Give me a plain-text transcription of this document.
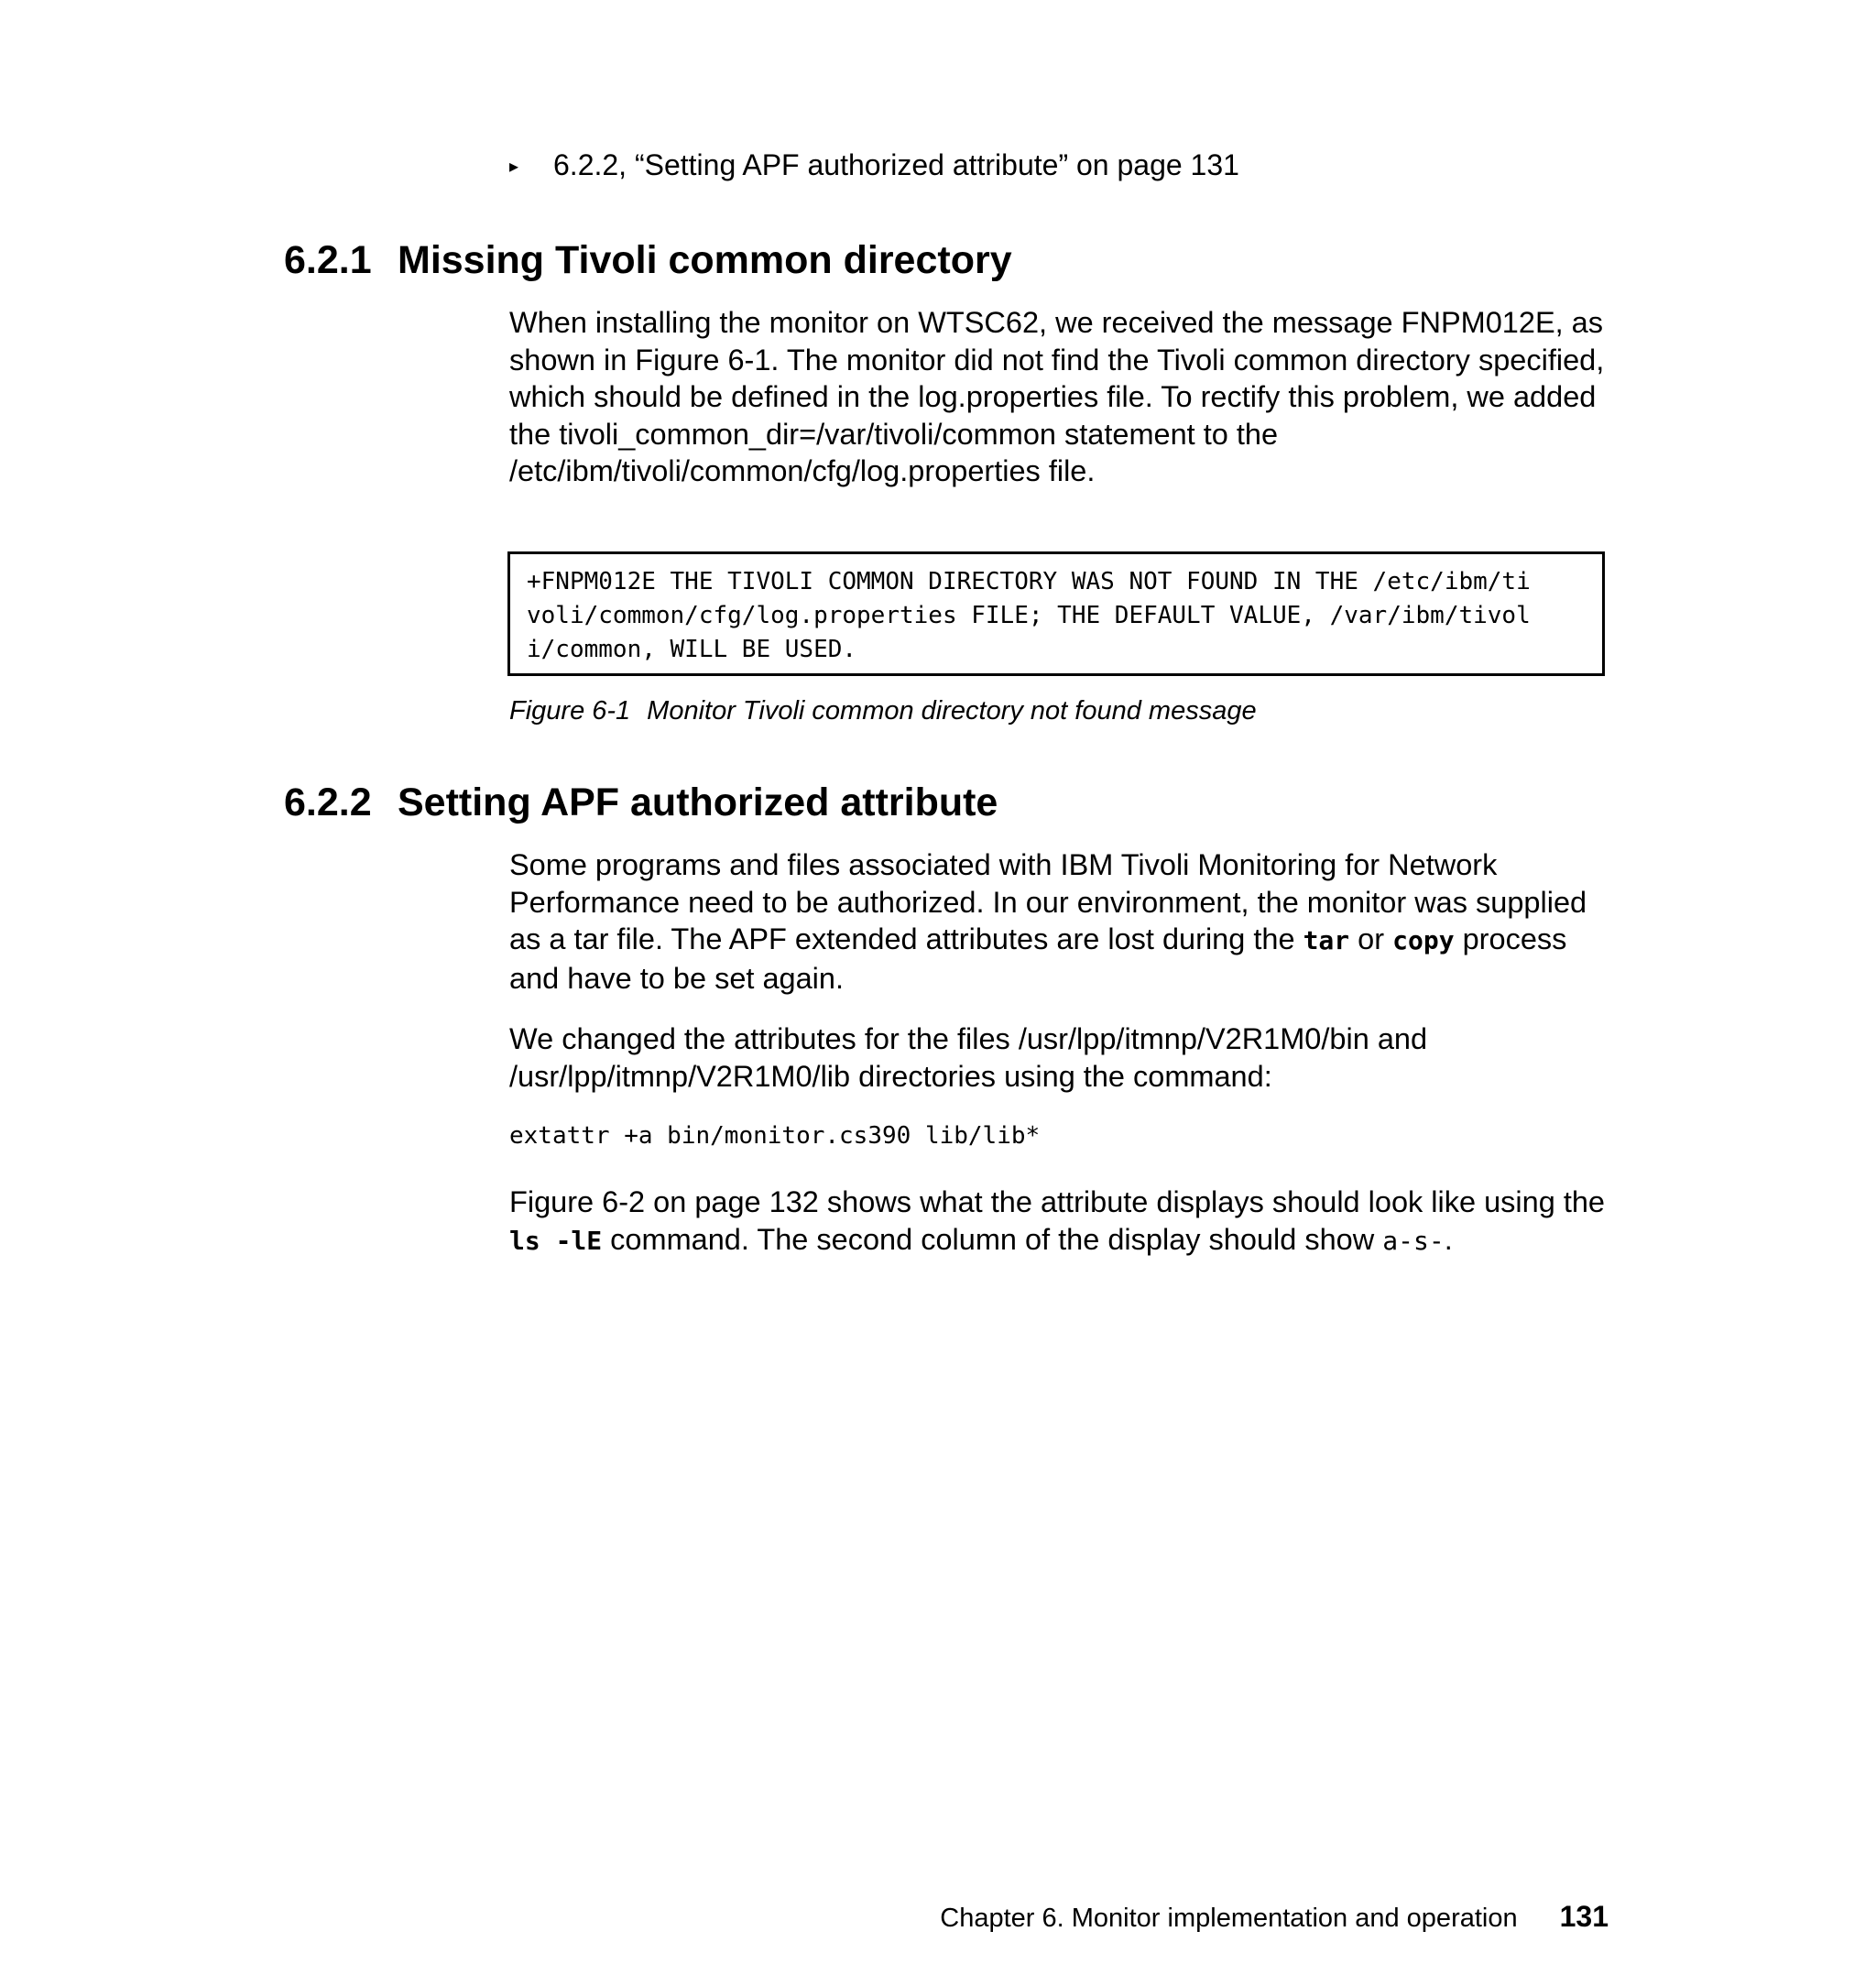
▸ 6.2.2, “Setting APF authorized attribute” on page 131
6.2.1 Missing Tivoli common directory

When installing the monitor on WTSC62, we received the message FNPM012E, as shown in Figure 6-1. The monitor did not find the Tivoli common directory specified, which should be defined in the log.properties file. To rectify this problem, we added the tivoli_common_dir=/var/tivoli/common statement to the /etc/ibm/tivoli/common/cfg/log.properties file.

+FNPM012E THE TIVOLI COMMON DIRECTORY WAS NOT FOUND IN THE /etc/ibm/ti
voli/common/cfg/log.properties FILE; THE DEFAULT VALUE, /var/ibm/tivol
i/common, WILL BE USED.
Figure 6-1 Monitor Tivoli common directory not found message
6.2.2 Setting APF authorized attribute

Some programs and files associated with IBM Tivoli Monitoring for Network Performance need to be authorized. In our environment, the monitor was supplied as a tar file. The APF extended attributes are lost during the tar or copy process and have to be set again.

We changed the attributes for the files /usr/lpp/itmnp/V2R1M0/bin and /usr/lpp/itmnp/V2R1M0/lib directories using the command:

extattr +a bin/monitor.cs390 lib/lib*

Figure 6-2 on page 132 shows what the attribute displays should look like using the ls -lE command. The second column of the display should show a-s-.

Chapter 6. Monitor implementation and operation 131
